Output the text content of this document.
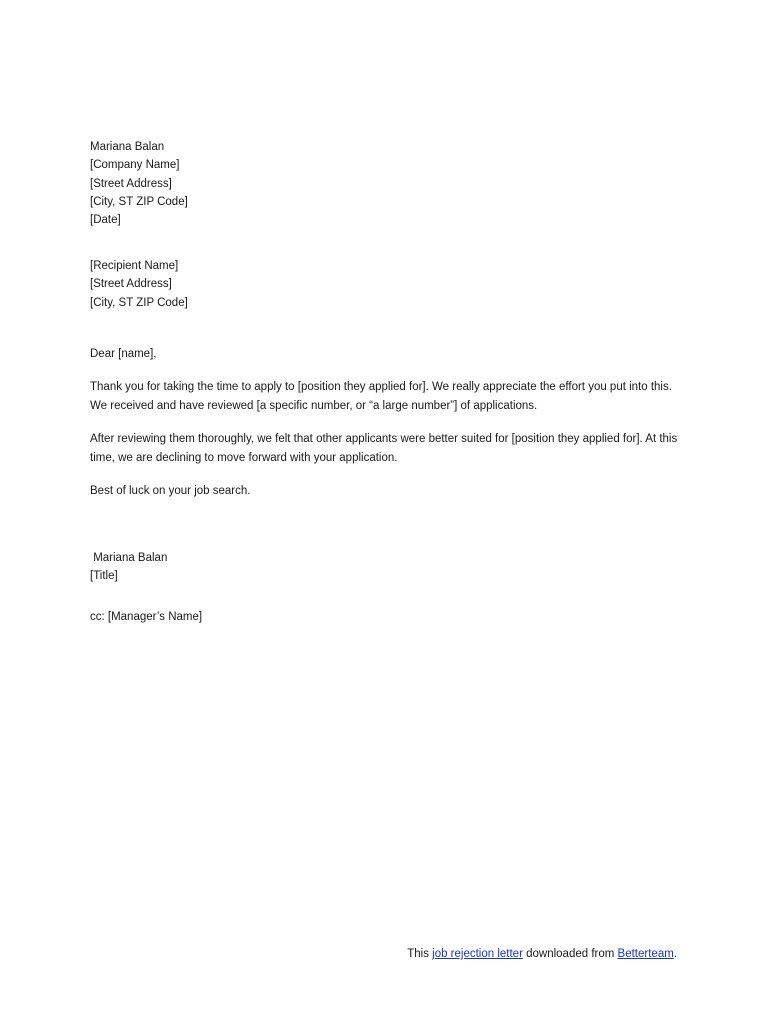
Mariana Balan
[Company Name]
[Street Address]
[City, ST ZIP Code]
[Date]
[Recipient Name]
[Street Address]
[City, ST ZIP Code]
Dear [name],

Thank you for taking the time to apply to [position they applied for]. We really appreciate the effort you put into this. We received and have reviewed [a specific number, or “a large number”] of applications.

After reviewing them thoroughly, we felt that other applicants were better suited for [position they applied for]. At this time, we are declining to move forward with your application.

Best of luck on your job search.
Mariana Balan
[Title]
cc: [Manager’s Name]
This job rejection letter downloaded from Betterteam.
